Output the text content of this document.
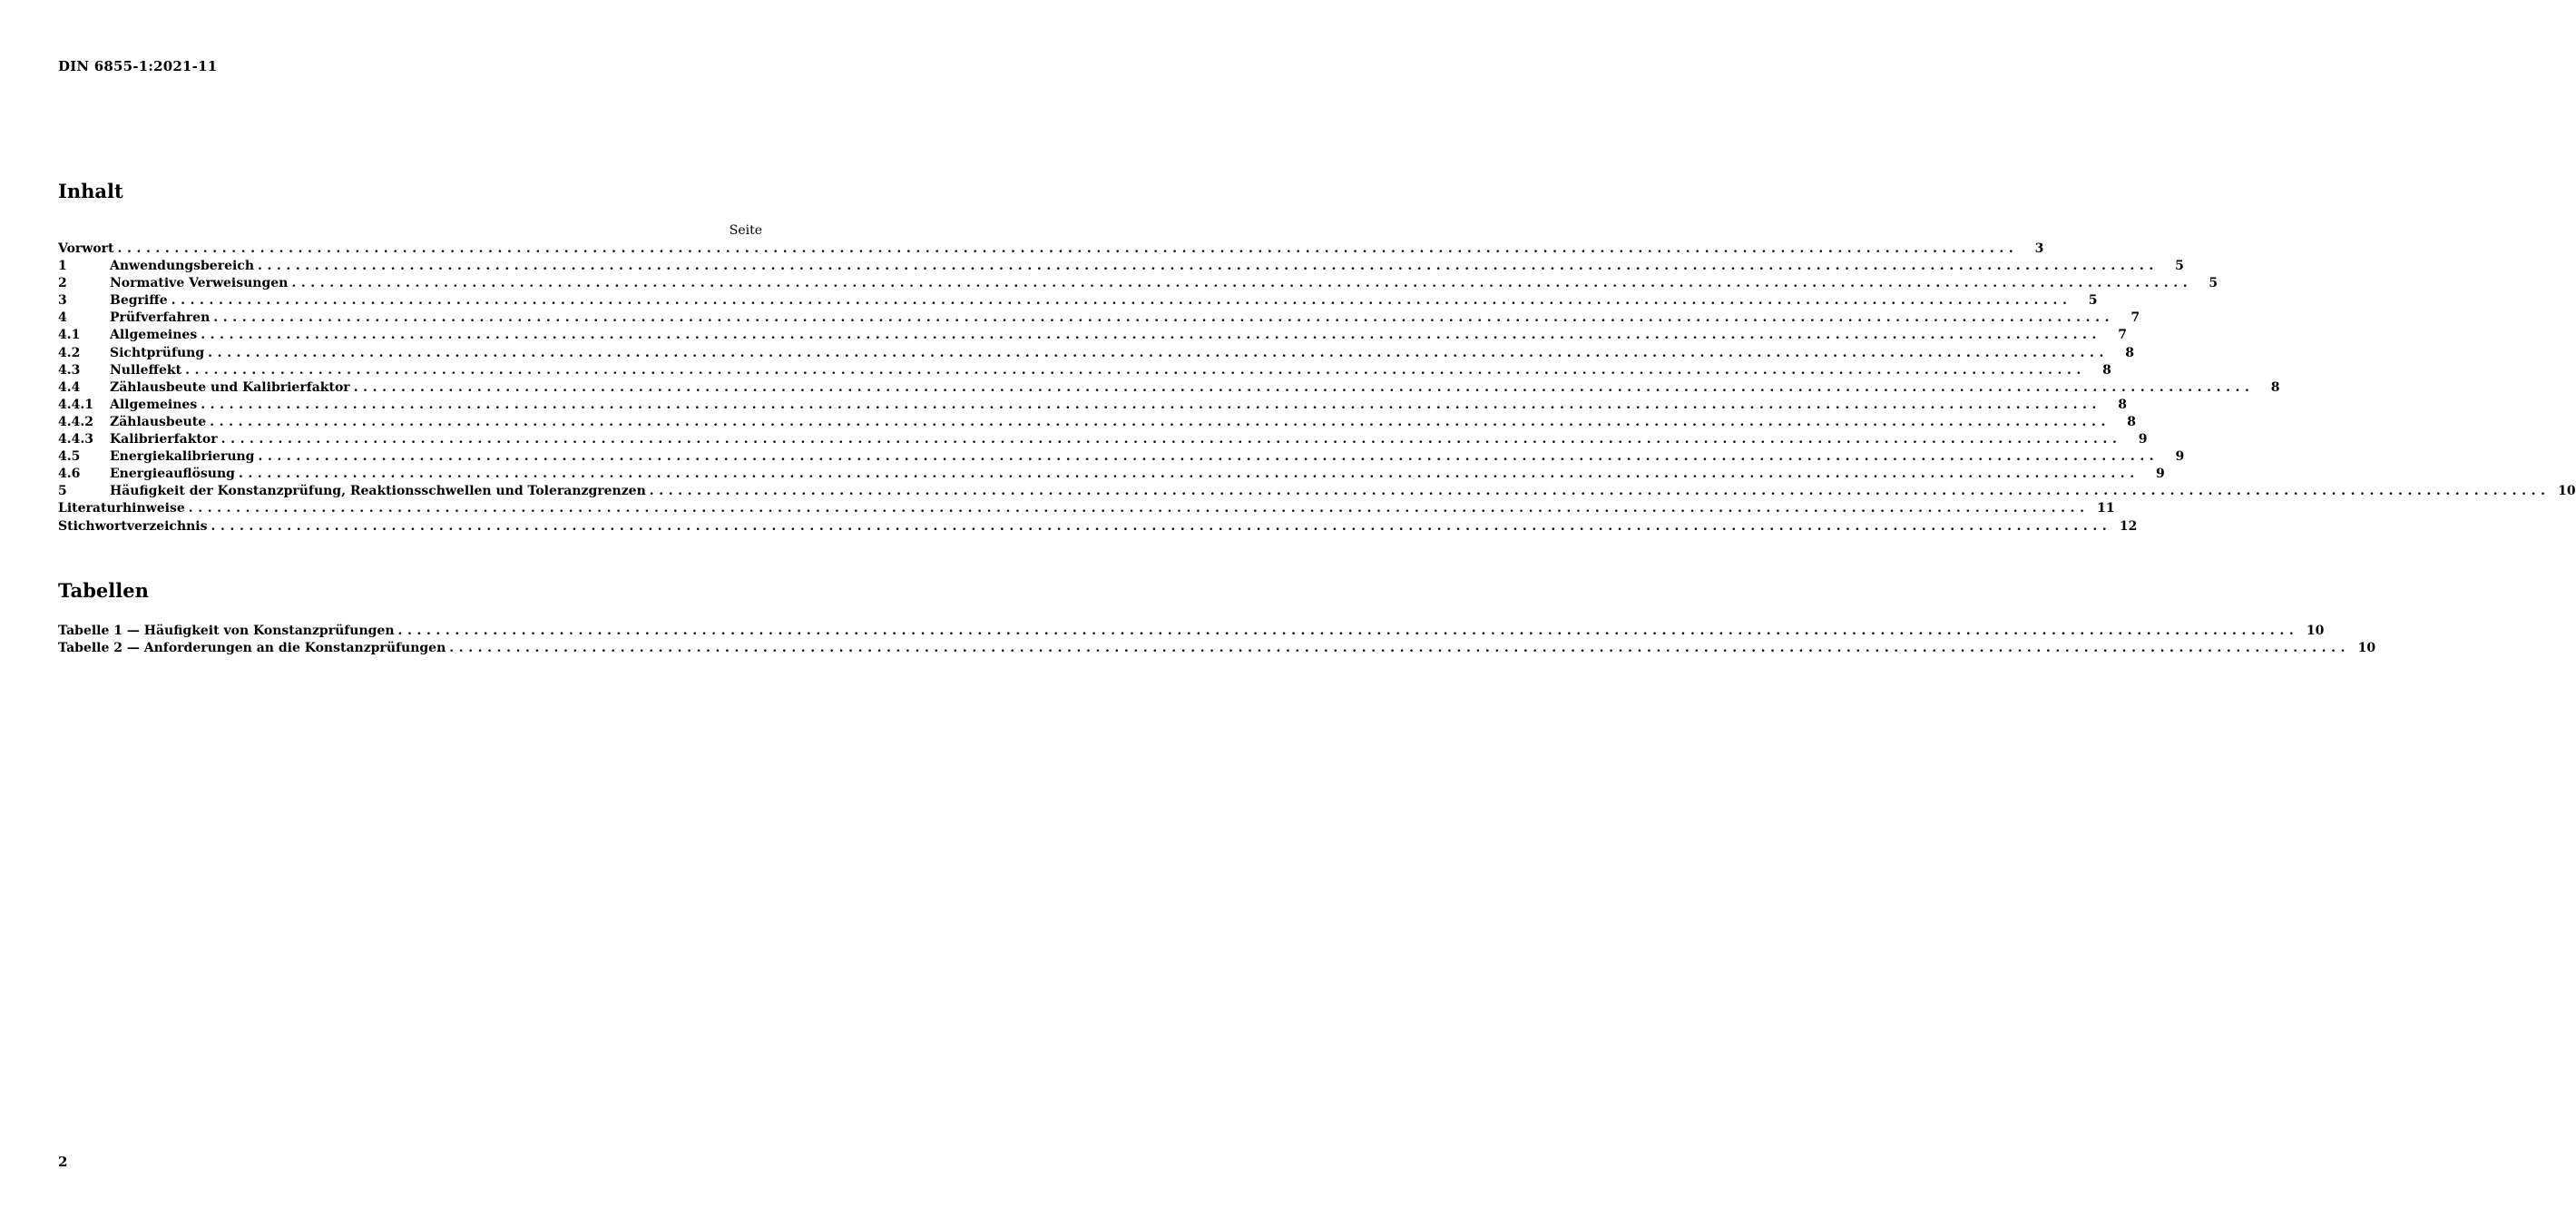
DIN 6855-1:2021-11
Inhalt
Seite
Vorwort ........................................................................................................................................................................................................	3
1	Anwendungsbereich ........................................................................................................................................................................................................	5
2	Normative Verweisungen ........................................................................................................................................................................................................	5
3	Begriffe ........................................................................................................................................................................................................	5
4	Prüfverfahren ........................................................................................................................................................................................................	7
4.1	Allgemeines ........................................................................................................................................................................................................	7
4.2	Sichtprüfung ........................................................................................................................................................................................................	8
4.3	Nulleffekt ........................................................................................................................................................................................................	8
4.4	Zählausbeute und Kalibrierfaktor ........................................................................................................................................................................................................	8
4.4.1	Allgemeines ........................................................................................................................................................................................................	8
4.4.2	Zählausbeute ........................................................................................................................................................................................................	8
4.4.3	Kalibrierfaktor ........................................................................................................................................................................................................	9
4.5	Energiekalibrierung ........................................................................................................................................................................................................	9
4.6	Energieauflösung ........................................................................................................................................................................................................	9
5	Häufigkeit der Konstanzprüfung, Reaktionsschwellen und Toleranzgrenzen ........................................................................................................................................................................................................ 10
Literaturhinweise ........................................................................................................................................................................................................ 11
Stichwortverzeichnis ........................................................................................................................................................................................................ 12
Tabellen
Tabelle 1 — Häufigkeit von Konstanzprüfungen ........................................................................................................................................................................................................ 10
Tabelle 2 — Anforderungen an die Konstanzprüfungen ........................................................................................................................................................................................................ 10
2
